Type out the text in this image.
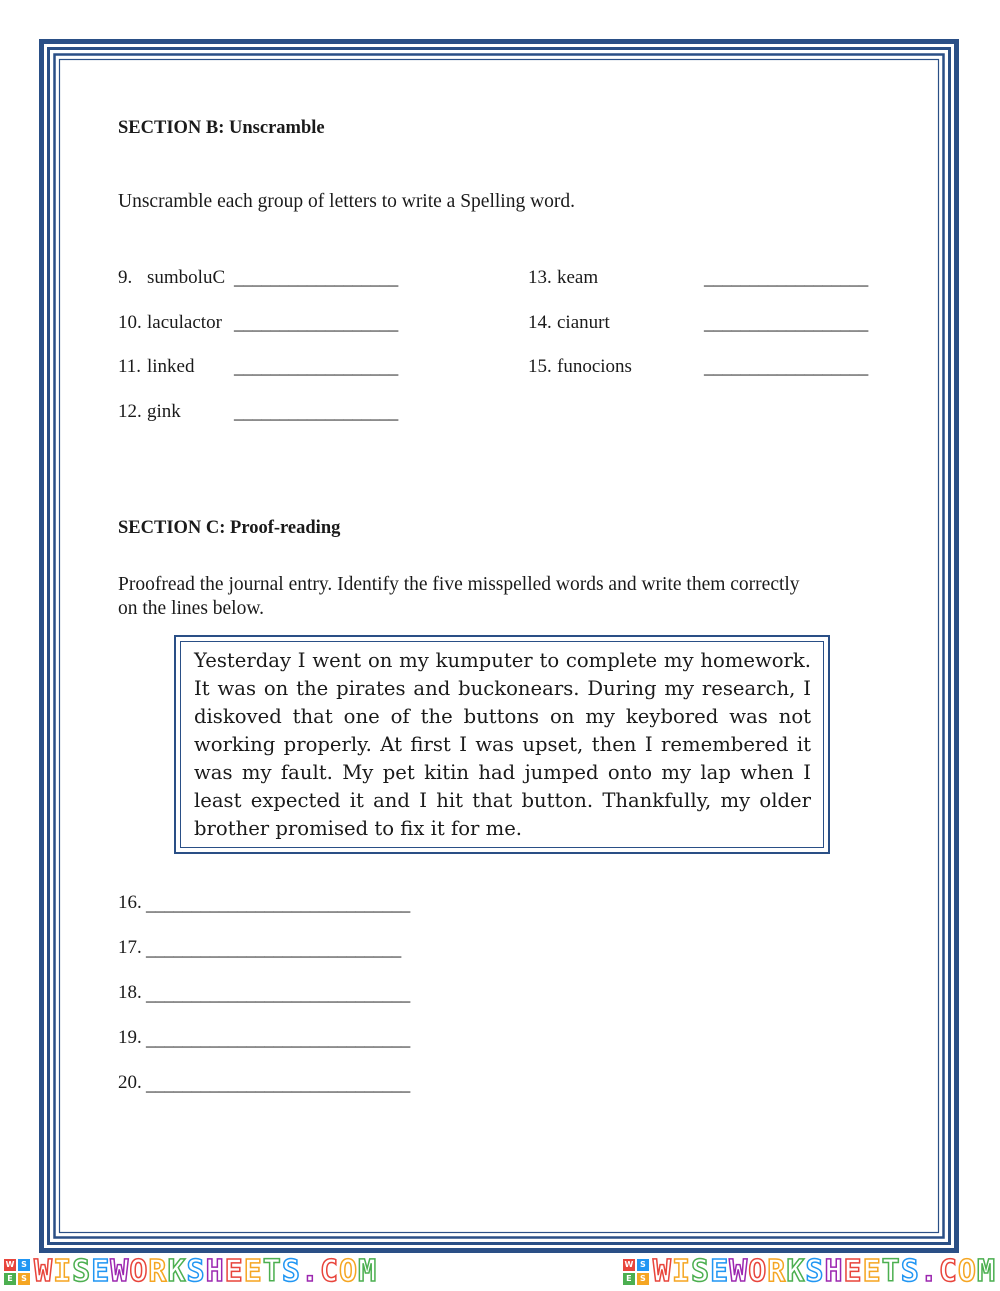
SECTION B: Unscramble
Unscramble each group of letters to write a Spelling word.
9. sumboluC __________________
10. laculactor __________________
11. linked __________________
12. gink	__________________
13. keam	__________________
14. cianurt	__________________
15. funocions	__________________
SECTION C: Proof-reading
Proofread the journal entry. Identify the five misspelled words and write them correctly
on the lines below.
Yesterday I went on my kumputer to complete my homework. It was on the pirates and buckonears. During my research, I diskoved that one of the buttons on my keybored was not working properly. At first I was upset, then I remembered it was my fault. My pet kitin had jumped onto my lap when I least expected it and I hit that button. Thankfully, my older brother promised to fix it for me.
16. _____________________________
17. ____________________________
18. _____________________________
19. _____________________________
20. _____________________________
W S
E	S WISEWORKSHEETS.COM	W S
E	S WISEWORKSHEETS.COM
